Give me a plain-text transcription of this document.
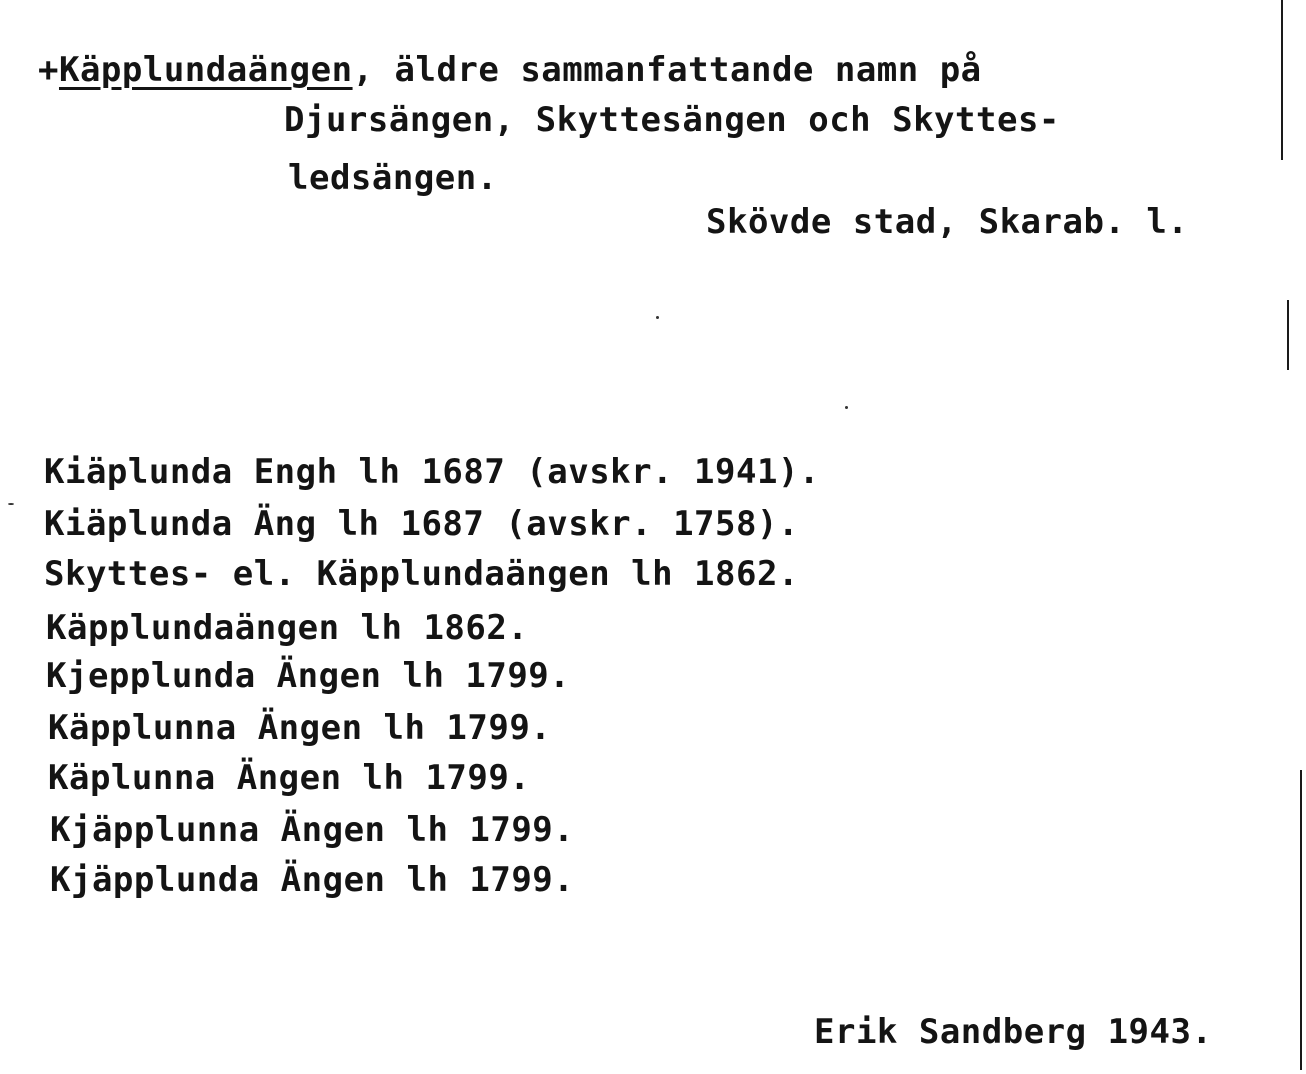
+Käpplundaängen, äldre sammanfattande namn på
Djursängen, Skyttesängen och Skyttes-
ledsängen.
Skövde stad, Skarab. l.
Kiäplunda Engh lh 1687 (avskr. 1941).
Kiäplunda Äng lh 1687 (avskr. 1758).
Skyttes- el. Käpplundaängen lh 1862.
Käpplundaängen lh 1862.
Kjepplunda Ängen lh 1799.
Käpplunna Ängen lh 1799.
Käplunna Ängen lh 1799.
Kjäpplunna Ängen lh 1799.
Kjäpplunda Ängen lh 1799.
Erik Sandberg 1943.
